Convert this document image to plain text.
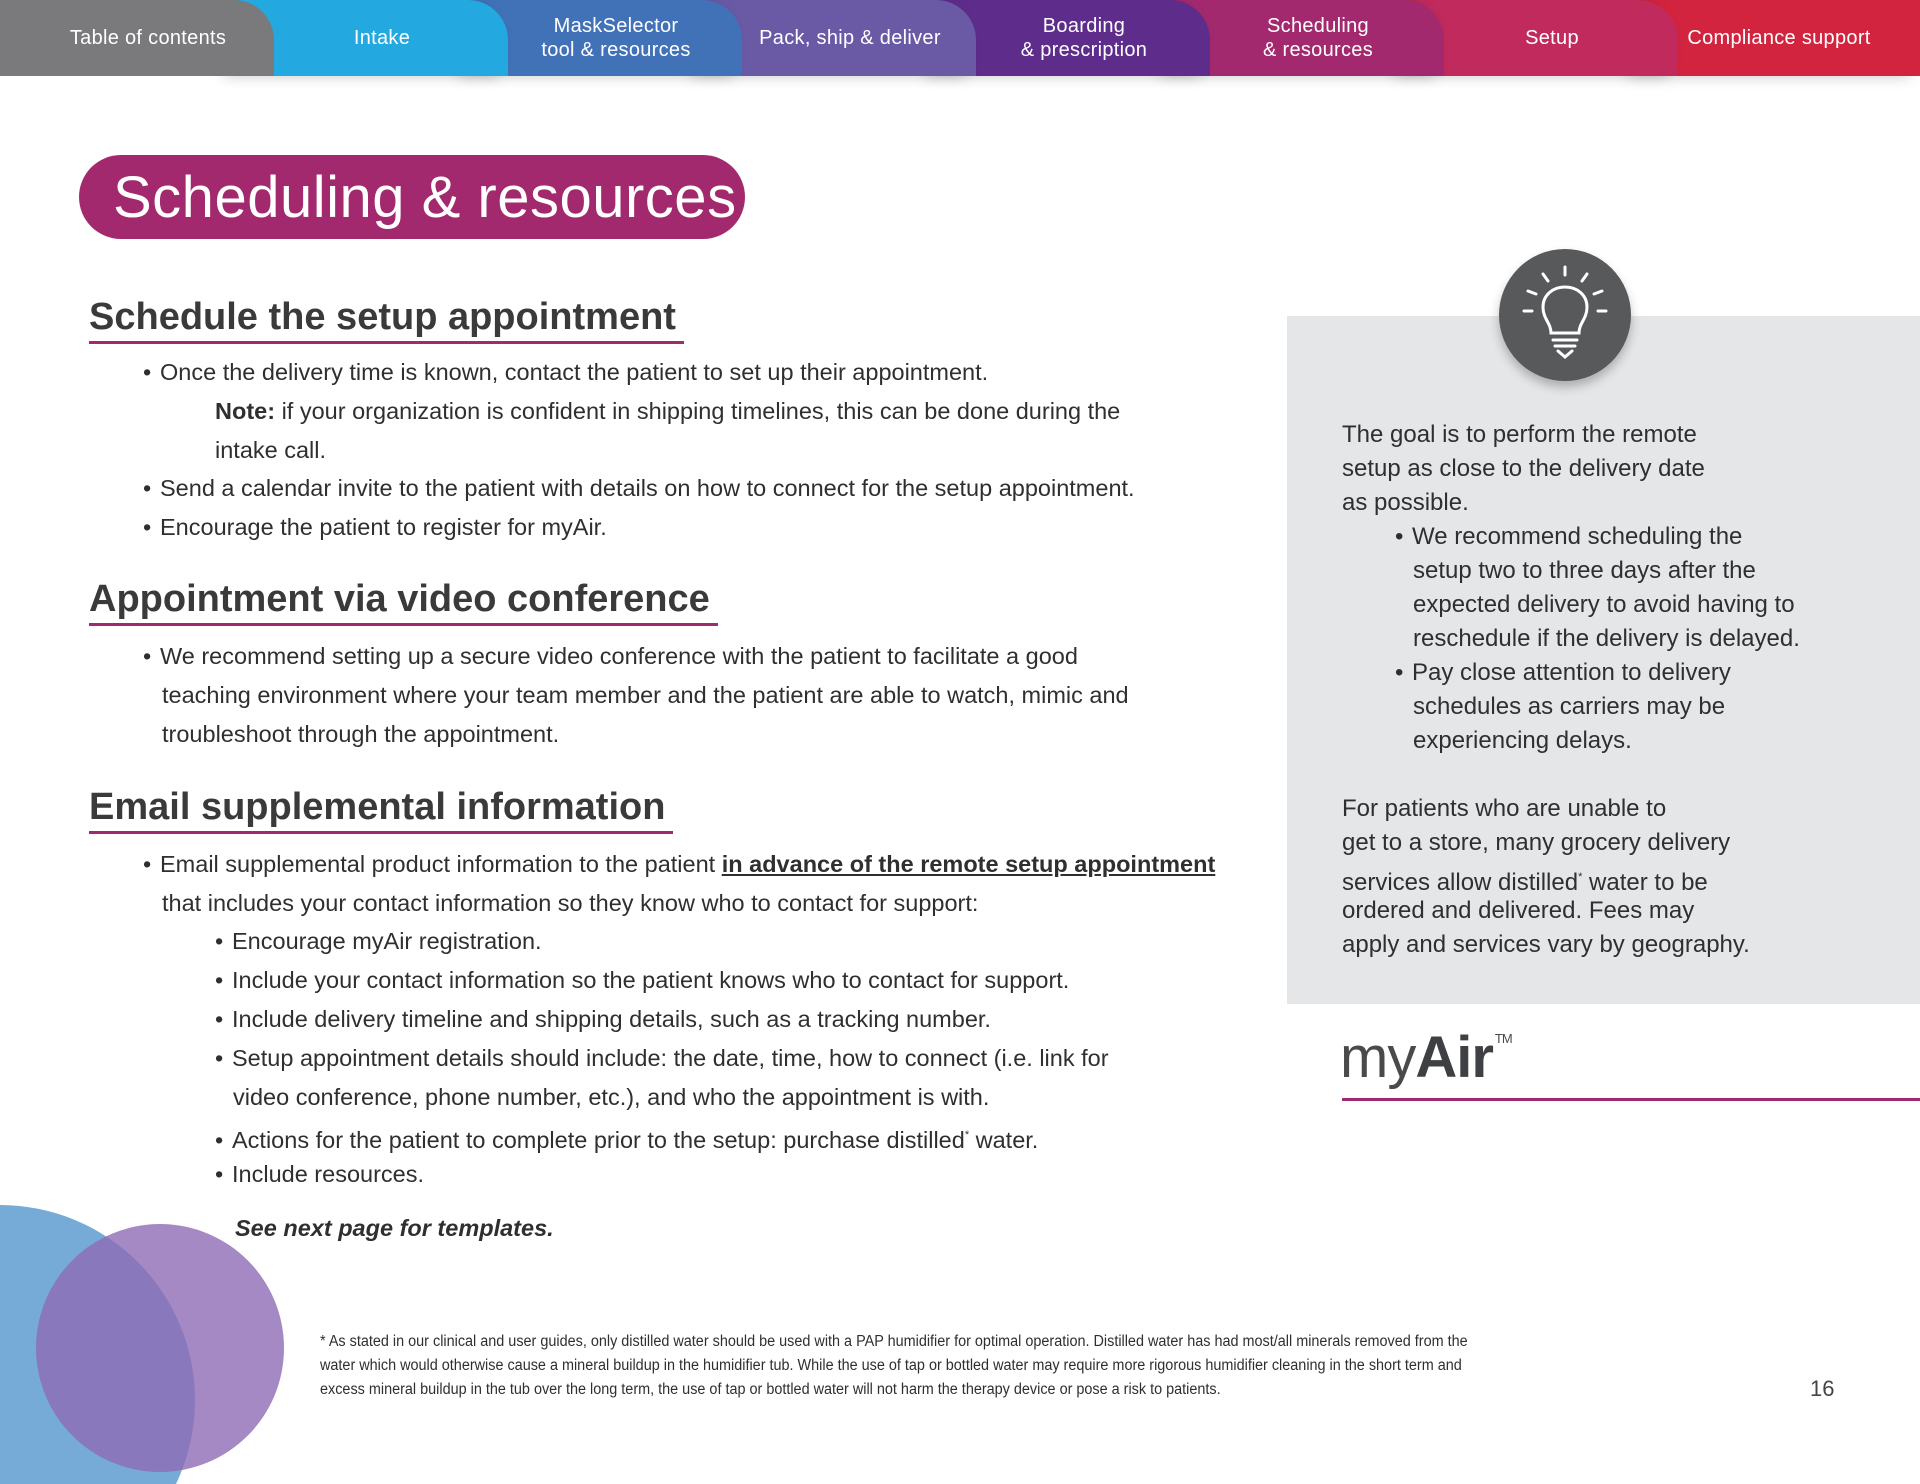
Compliance support
Setup
Scheduling
& resources
Boarding
& prescription
Pack, ship & deliver
MaskSelector
tool & resources
Intake
Table of contents
Scheduling & resources
Schedule the setup appointment
• Once the delivery time is known, contact the patient to set up their appointment.
Note: if your organization is confident in shipping timelines, this can be done during the
intake call.
• Send a calendar invite to the patient with details on how to connect for the setup appointment.
• Encourage the patient to register for myAir.
Appointment via video conference
• We recommend setting up a secure video conference with the patient to facilitate a good
teaching environment where your team member and the patient are able to watch, mimic and
troubleshoot through the appointment.
Email supplemental information
• Email supplemental product information to the patient in advance of the remote setup appointment
that includes your contact information so they know who to contact for support:
• Encourage myAir registration.
• Include your contact information so the patient knows who to contact for support.
• Include delivery timeline and shipping details, such as a tracking number.
• Setup appointment details should include: the date, time, how to connect (i.e. link for
video conference, phone number, etc.), and who the appointment is with.
• Actions for the patient to complete prior to the setup: purchase distilled* water.
• Include resources.
See next page for templates.
The goal is to perform the remote
setup as close to the delivery date
as possible.
• We recommend scheduling the
setup two to three days after the
expected delivery to avoid having to
reschedule if the delivery is delayed.
• Pay close attention to delivery
schedules as carriers may be
experiencing delays.
For patients who are unable to
get to a store, many grocery delivery
services allow distilled* water to be
ordered and delivered. Fees may
apply and services vary by geography.
myAir ™
* As stated in our clinical and user guides, only distilled water should be used with a PAP humidifier for optimal operation. Distilled water has had most/all minerals removed from the
water which would otherwise cause a mineral buildup in the humidifier tub. While the use of tap or bottled water may require more rigorous humidifier cleaning in the short term and
excess mineral buildup in the tub over the long term, the use of tap or bottled water will not harm the therapy device or pose a risk to patients.	16
